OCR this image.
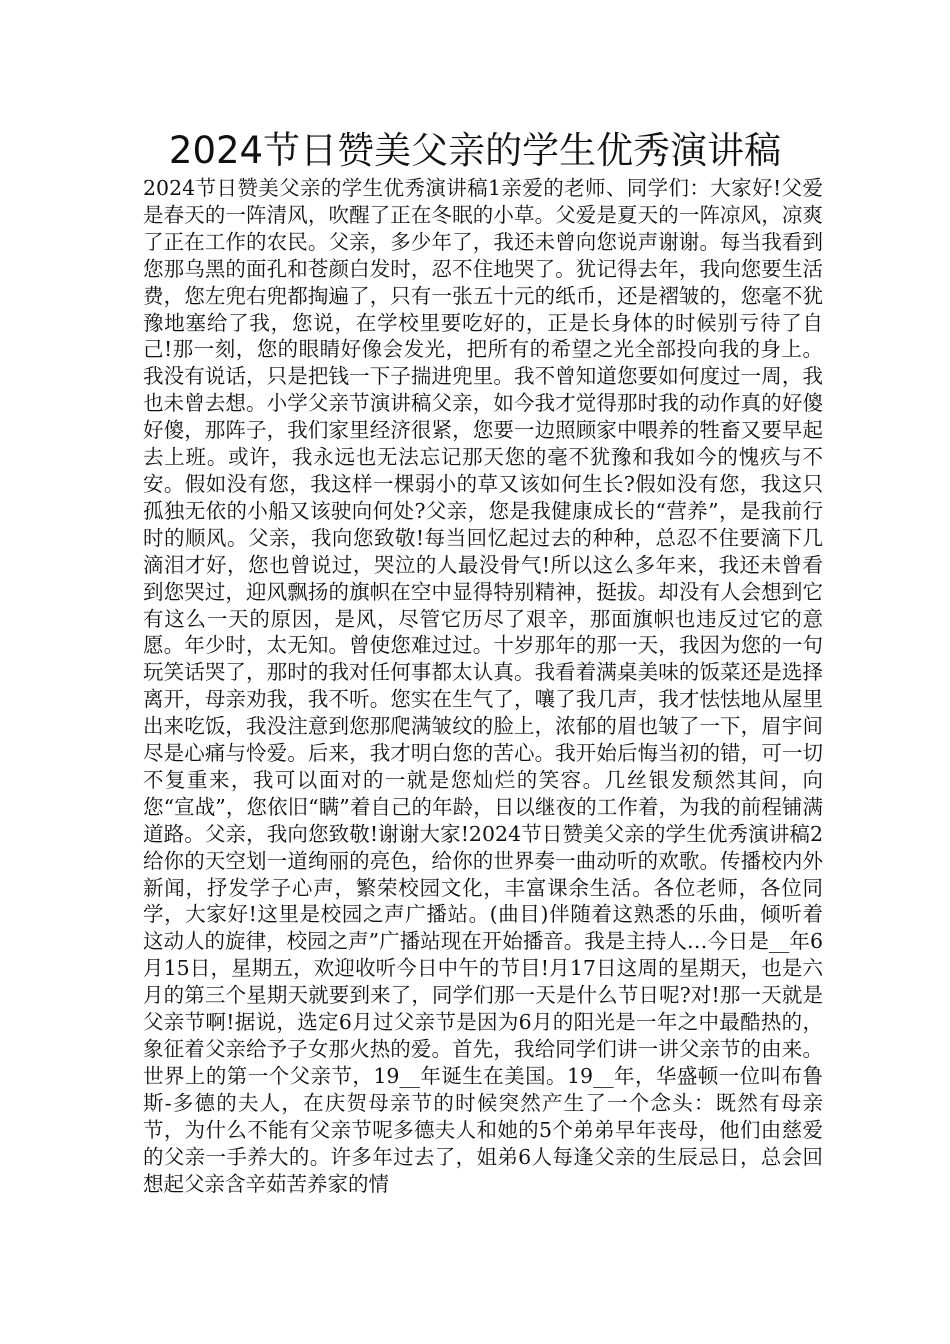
2024节日赞美父亲的学生优秀演讲稿

2024节日赞美父亲的学生优秀演讲稿1亲爱的老师、同学们：大家好!父爱是春天的一阵清风，吹醒了正在冬眠的小草。父爱是夏天的一阵凉风，凉爽了正在工作的农民。父亲，多少年了，我还未曾向您说声谢谢。每当我看到您那乌黑的面孔和苍颜白发时，忍不住地哭了。犹记得去年，我向您要生活费，您左兜右兜都掏遍了，只有一张五十元的纸币，还是褶皱的，您毫不犹豫地塞给了我，您说，在学校里要吃好的，正是长身体的时候别亏待了自己!那一刻，您的眼睛好像会发光，把所有的希望之光全部投向我的身上。我没有说话，只是把钱一下子揣进兜里。我不曾知道您要如何度过一周，我也未曾去想。小学父亲节演讲稿父亲，如今我才觉得那时我的动作真的好傻好傻，那阵子，我们家里经济很紧，您要一边照顾家中喂养的牲畜又要早起去上班。或许，我永远也无法忘记那天您的毫不犹豫和我如今的愧疚与不安。假如没有您，我这样一棵弱小的草又该如何生长?假如没有您，我这只孤独无依的小船又该驶向何处?父亲，您是我健康成长的“营养”，是我前行时的顺风。父亲，我向您致敬!每当回忆起过去的种种，总忍不住要滴下几滴泪才好，您也曾说过，哭泣的人最没骨气!所以这么多年来，我还未曾看到您哭过，迎风飘扬的旗帜在空中显得特别精神，挺拔。却没有人会想到它有这么一天的原因，是风，尽管它历尽了艰辛，那面旗帜也违反过它的意愿。年少时，太无知。曾使您难过过。十岁那年的那一天，我因为您的一句玩笑话哭了，那时的我对任何事都太认真。我看着满桌美味的饭菜还是选择离开，母亲劝我，我不听。您实在生气了，嚷了我几声，我才怯怯地从屋里出来吃饭，我没注意到您那爬满皱纹的脸上，浓郁的眉也皱了一下，眉宇间尽是心痛与怜爱。后来，我才明白您的苦心。我开始后悔当初的错，可一切不复重来，我可以面对的一就是您灿烂的笑容。几丝银发颓然其间，向您“宣战”，您依旧“瞒”着自己的年龄，日以继夜的工作着，为我的前程铺满道路。父亲，我向您致敬!谢谢大家!2024节日赞美父亲的学生优秀演讲稿2给你的天空划一道绚丽的亮色，给你的世界奏一曲动听的欢歌。传播校内外新闻，抒发学子心声，繁荣校园文化，丰富课余生活。各位老师，各位同学，大家好!这里是校园之声广播站。(曲目)伴随着这熟悉的乐曲，倾听着这动人的旋律，校园之声”广播站现在开始播音。我是主持人…今日是__年6月15日，星期五，欢迎收听今日中午的节目!月17日这周的星期天，也是六月的第三个星期天就要到来了，同学们那一天是什么节日呢?对!那一天就是父亲节啊!据说，选定6月过父亲节是因为6月的阳光是一年之中最酷热的，象征着父亲给予子女那火热的爱。首先，我给同学们讲一讲父亲节的由来。世界上的第一个父亲节，19__年诞生在美国。19__年，华盛顿一位叫布鲁斯-多德的夫人，在庆贺母亲节的时候突然产生了一个念头：既然有母亲节，为什么不能有父亲节呢多德夫人和她的5个弟弟早年丧母，他们由慈爱的父亲一手养大的。许多年过去了，姐弟6人每逢父亲的生辰忌日，总会回想起父亲含辛茹苦养家的情
